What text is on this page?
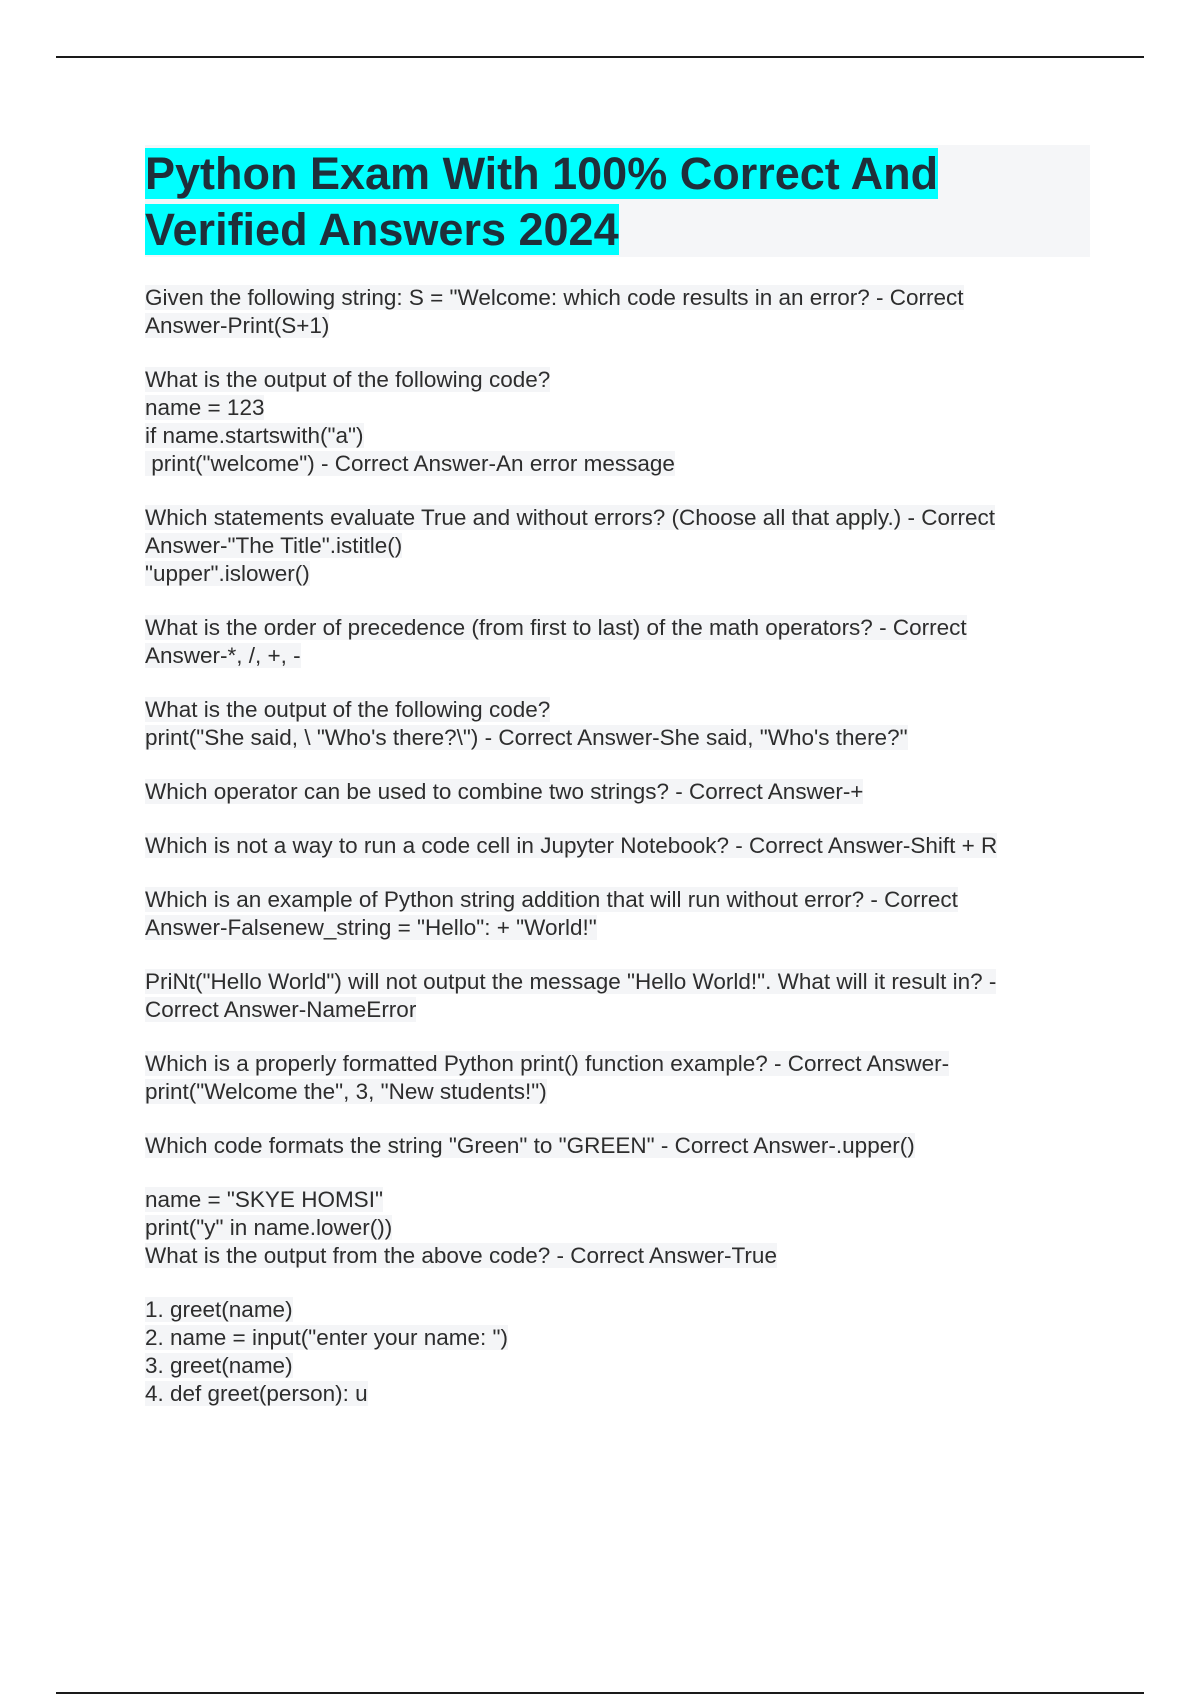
Python Exam With 100% Correct And
Verified Answers 2024
Given the following string: S = "Welcome: which code results in an error? - Correct
Answer-Print(S+1)
What is the output of the following code?
name = 123
if name.startswith("a")
print("welcome") - Correct Answer-An error message
Which statements evaluate True and without errors? (Choose all that apply.) - Correct
Answer-"The Title".istitle()
"upper".islower()
What is the order of precedence (from first to last) of the math operators? - Correct
Answer-*, /, +, -
What is the output of the following code?
print("She said, \ "Who's there?\") - Correct Answer-She said, "Who's there?"
Which operator can be used to combine two strings? - Correct Answer-+
Which is not a way to run a code cell in Jupyter Notebook? - Correct Answer-Shift + R
Which is an example of Python string addition that will run without error? - Correct
Answer-Falsenew_string = "Hello": + "World!"
PriNt("Hello World") will not output the message "Hello World!". What will it result in? -
Correct Answer-NameError
Which is a properly formatted Python print() function example? - Correct Answer-
print("Welcome the", 3, "New students!")
Which code formats the string "Green" to "GREEN" - Correct Answer-.upper()
name = "SKYE HOMSI"
print("y" in name.lower())
What is the output from the above code? - Correct Answer-True
1. greet(name)
2. name = input("enter your name: ")
3. greet(name)
4. def greet(person): u
